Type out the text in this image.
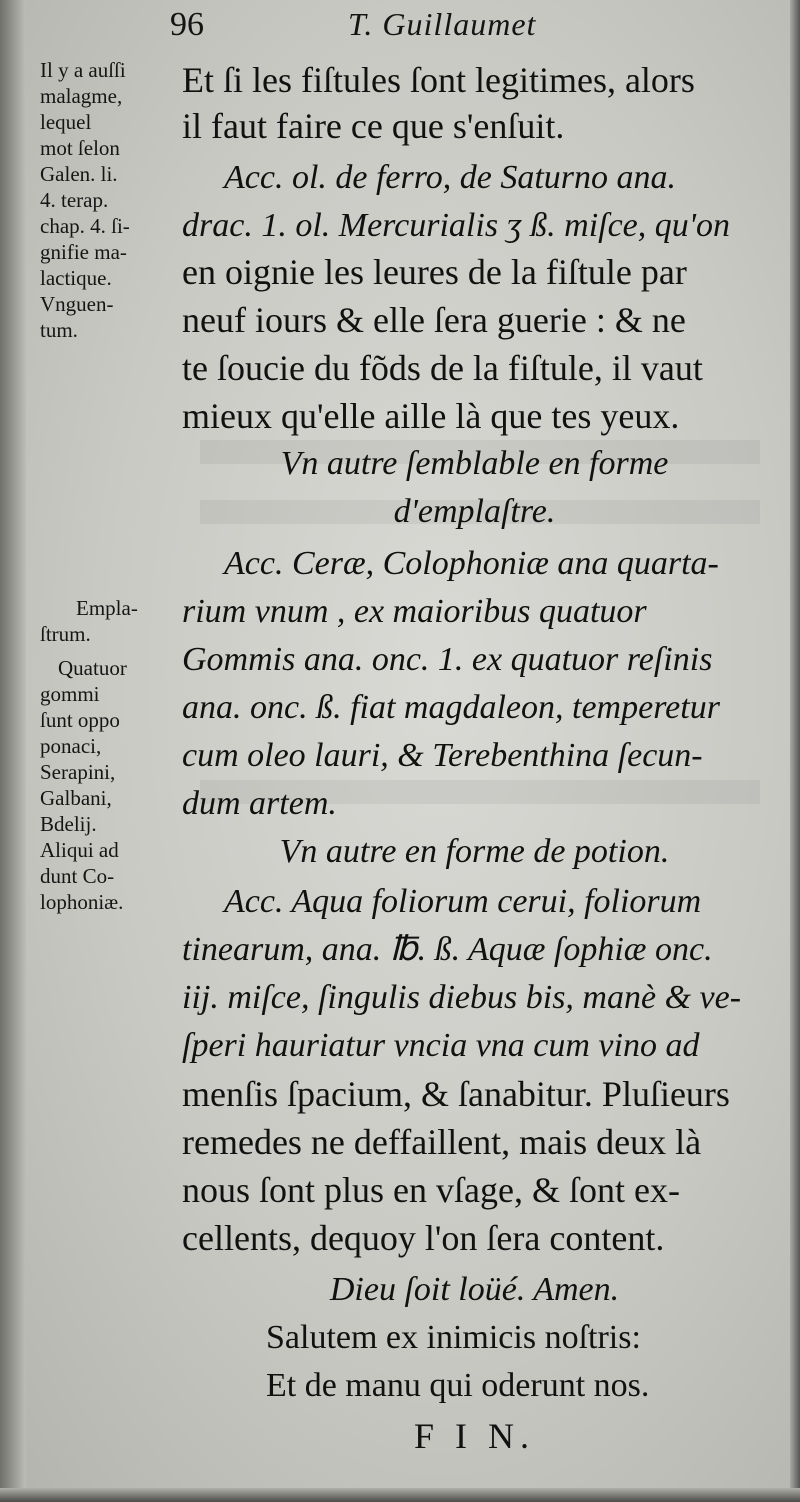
96	T. Guillaumet
Et ſi les fiſtules ſont legitimes, alors
il faut faire ce que s'enſuit.
Acc. ol. de ferro, de Saturno ana.
drac. 1. ol. Mercurialis ʒ ß. miſce, qu'on
en oignie les leures de la fiſtule par
neuf iours & elle ſera guerie : & ne
te ſoucie du fõds de la fiſtule, il vaut
mieux qu'elle aille là que tes yeux.
Vn autre ſemblable en forme
d'emplaſtre.
Acc. Ceræ, Colophoniæ ana quarta-
rium vnum , ex maioribus quatuor
Gommis ana. onc. 1. ex quatuor reſinis
ana. onc. ß. fiat magdaleon, temperetur
cum oleo lauri, & Terebenthina ſecun-
dum artem.
Vn autre en forme de potion.
Acc. Aqua foliorum cerui, foliorum
tinearum, ana. ℔. ß. Aquæ ſophiæ onc.
iij. miſce, ſingulis diebus bis, manè & ve-
ſperi hauriatur vncia vna cum vino ad
menſis ſpacium, & ſanabitur. Pluſieurs
remedes ne deffaillent, mais deux là
nous ſont plus en vſage, & ſont ex-
cellents, dequoy l'on ſera content.
Dieu ſoit loüé. Amen.
Salutem ex inimicis noſtris:
Et de manu qui oderunt nos.
F I N.
Il y a auſſi
malagme,
lequel
mot ſelon
Galen. li.
4. terap.
chap. 4. ſi-
gnifie ma-
lactique.
Vnguen-
tum.
Empla-
ſtrum.
Quatuor
gommi
ſunt oppo
ponaci,
Serapini,
Galbani,
Bdelij.
Aliqui ad
dunt Co-
lophoniæ.
